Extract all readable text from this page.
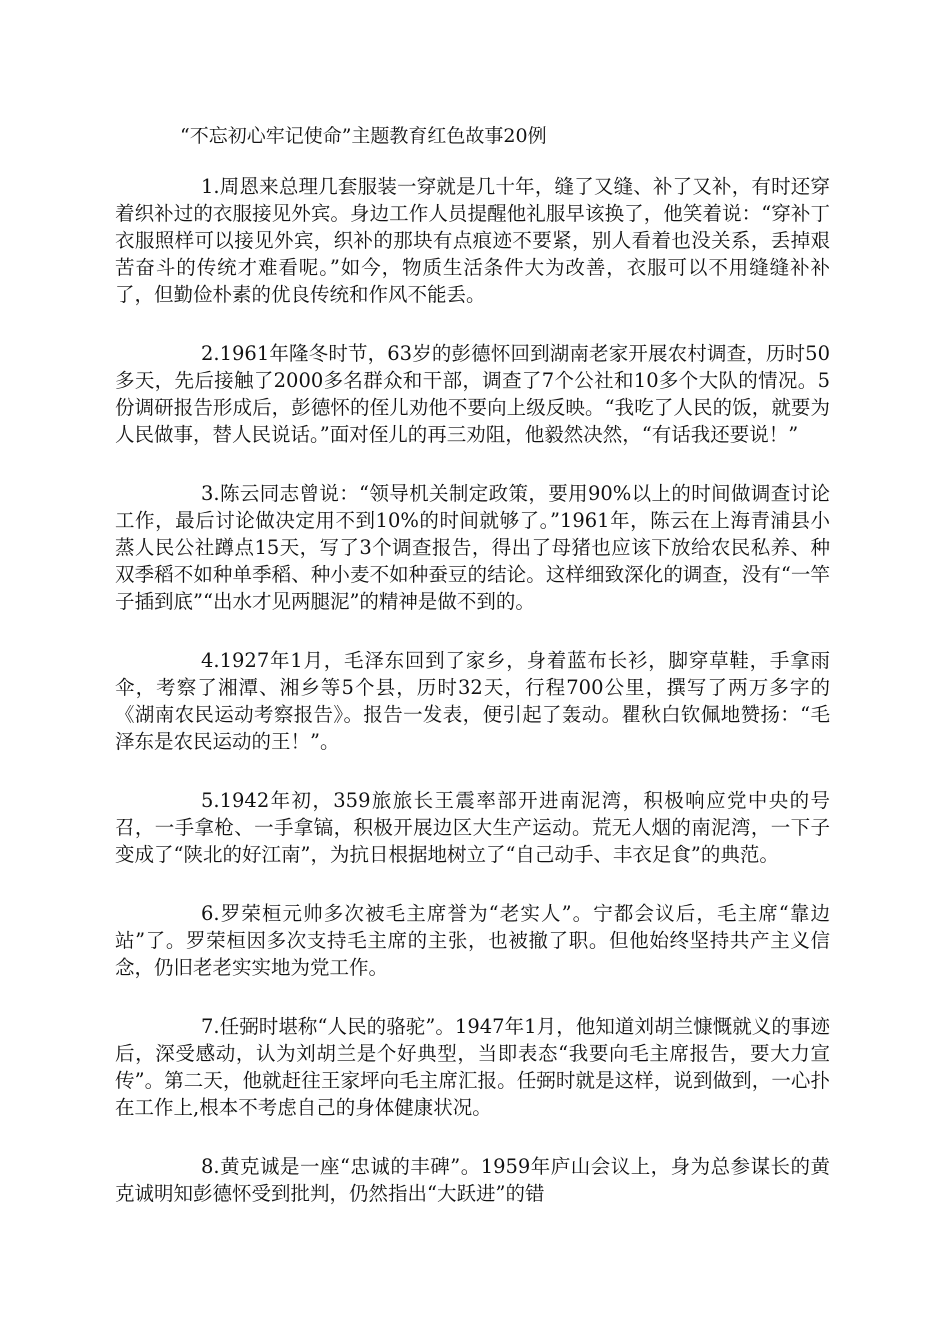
“不忘初心牢记使命”主题教育红色故事20例

1.周恩来总理几套服装一穿就是几十年，缝了又缝、补了又补，有时还穿着织补过的衣服接见外宾。身边工作人员提醒他礼服早该换了，他笑着说：“穿补丁衣服照样可以接见外宾，织补的那块有点痕迹不要紧，别人看着也没关系，丢掉艰苦奋斗的传统才难看呢。”如今，物质生活条件大为改善，衣服可以不用缝缝补补了，但勤俭朴素的优良传统和作风不能丢。

2.1961年隆冬时节，63岁的彭德怀回到湖南老家开展农村调查，历时50多天，先后接触了2000多名群众和干部，调查了7个公社和10多个大队的情况。5份调研报告形成后，彭德怀的侄儿劝他不要向上级反映。“我吃了人民的饭，就要为人民做事，替人民说话。”面对侄儿的再三劝阻，他毅然决然，“有话我还要说！”

3.陈云同志曾说：“领导机关制定政策，要用90%以上的时间做调查讨论工作，最后讨论做决定用不到10%的时间就够了。”1961年，陈云在上海青浦县小蒸人民公社蹲点15天，写了3个调查报告，得出了母猪也应该下放给农民私养、种双季稻不如种单季稻、种小麦不如种蚕豆的结论。这样细致深化的调查，没有“一竿子插到底”“出水才见两腿泥”的精神是做不到的。

4.1927年1月，毛泽东回到了家乡，身着蓝布长衫，脚穿草鞋，手拿雨伞，考察了湘潭、湘乡等5个县，历时32天，行程700公里，撰写了两万多字的《湖南农民运动考察报告》。报告一发表，便引起了轰动。瞿秋白钦佩地赞扬：“毛泽东是农民运动的王！”。

5.1942年初，359旅旅长王震率部开进南泥湾，积极响应党中央的号召，一手拿枪、一手拿镐，积极开展边区大生产运动。荒无人烟的南泥湾，一下子变成了“陕北的好江南”，为抗日根据地树立了“自己动手、丰衣足食”的典范。

6.罗荣桓元帅多次被毛主席誉为“老实人”。宁都会议后，毛主席“靠边站”了。罗荣桓因多次支持毛主席的主张，也被撤了职。但他始终坚持共产主义信念，仍旧老老实实地为党工作。

7.任弼时堪称“人民的骆驼”。1947年1月，他知道刘胡兰慷慨就义的事迹后，深受感动，认为刘胡兰是个好典型，当即表态“我要向毛主席报告，要大力宣传”。第二天，他就赶往王家坪向毛主席汇报。任弼时就是这样，说到做到，一心扑在工作上,根本不考虑自己的身体健康状况。

8.黄克诚是一座“忠诚的丰碑”。1959年庐山会议上，身为总参谋长的黄克诚明知彭德怀受到批判，仍然指出“大跃进”的错
